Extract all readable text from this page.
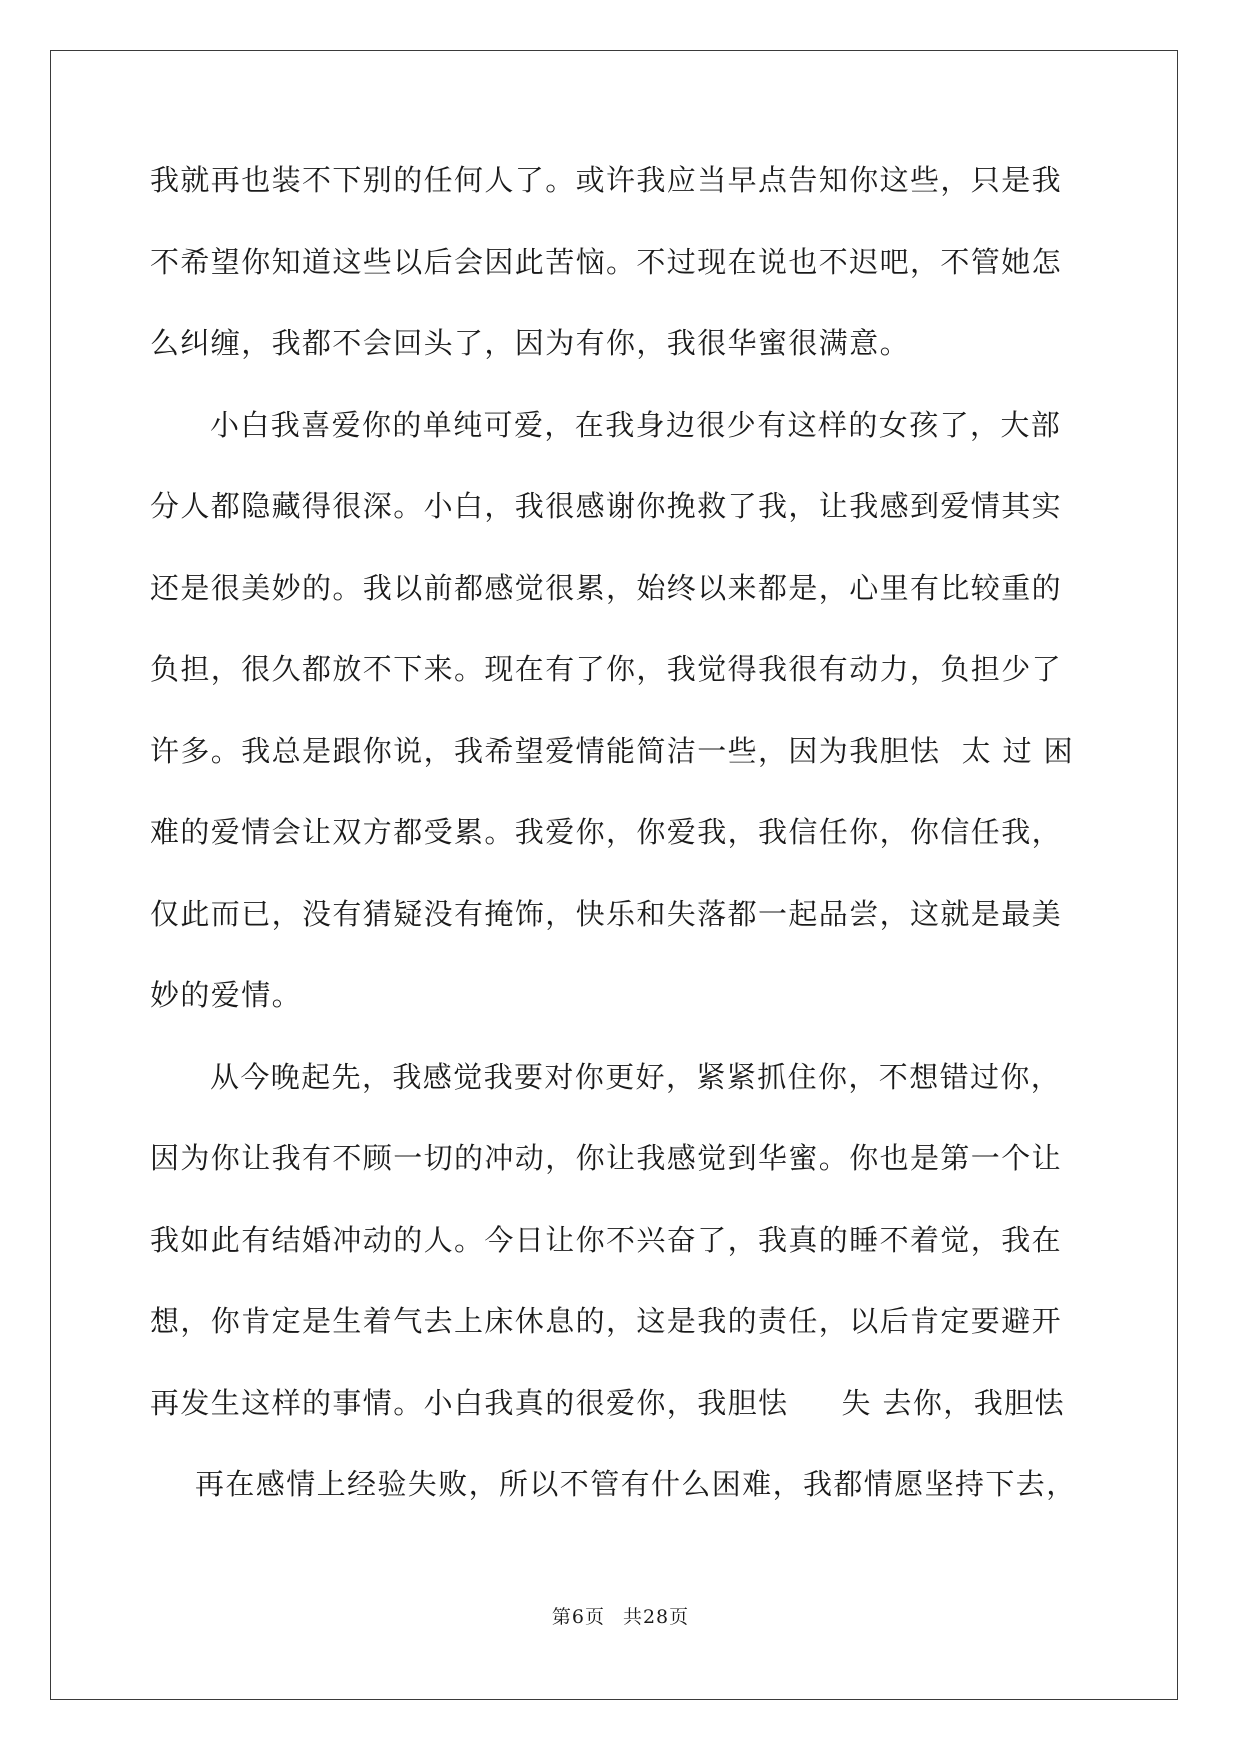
我就再也装不下别的任何人了。或许我应当早点告知你这些，只是我
不希望你知道这些以后会因此苦恼。不过现在说也不迟吧，不管她怎
么纠缠，我都不会回头了，因为有你，我很华蜜很满意。
小白我喜爱你的单纯可爱，在我身边很少有这样的女孩了，大部
分人都隐藏得很深。小白，我很感谢你挽救了我，让我感到爱情其实
还是很美妙的。我以前都感觉很累，始终以来都是，心里有比较重的
负担，很久都放不下来。现在有了你，我觉得我很有动力，负担少了
许多。我总是跟你说，我希望爱情能简洁一些，因为我胆怯  太 过 困
难的爱情会让双方都受累。我爱你，你爱我，我信任你，你信任我，
仅此而已，没有猜疑没有掩饰，快乐和失落都一起品尝，这就是最美
妙的爱情。
从今晚起先，我感觉我要对你更好，紧紧抓住你，不想错过你，
因为你让我有不顾一切的冲动，你让我感觉到华蜜。你也是第一个让
我如此有结婚冲动的人。今日让你不兴奋了，我真的睡不着觉，我在
想，你肯定是生着气去上床休息的，这是我的责任，以后肯定要避开
再发生这样的事情。小白我真的很爱你，我胆怯     失 去你，我胆怯
再在感情上经验失败，所以不管有什么困难，我都情愿坚持下去，
第6页 共28页
